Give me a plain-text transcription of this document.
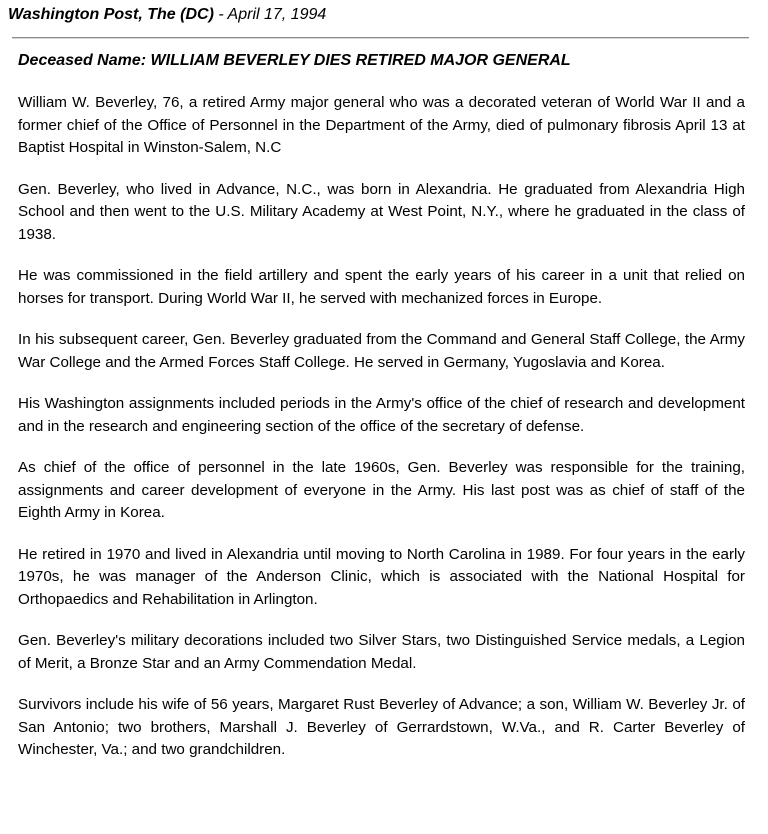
Washington Post, The (DC) - April 17, 1994
Deceased Name: WILLIAM BEVERLEY DIES RETIRED MAJOR GENERAL

William W. Beverley, 76, a retired Army major general who was a decorated veteran of World War II and a former chief of the Office of Personnel in the Department of the Army, died of pulmonary fibrosis April 13 at Baptist Hospital in Winston-Salem, N.C

Gen. Beverley, who lived in Advance, N.C., was born in Alexandria. He graduated from Alexandria High School and then went to the U.S. Military Academy at West Point, N.Y., where he graduated in the class of 1938.

He was commissioned in the field artillery and spent the early years of his career in a unit that relied on horses for transport. During World War II, he served with mechanized forces in Europe.

In his subsequent career, Gen. Beverley graduated from the Command and General Staff College, the Army War College and the Armed Forces Staff College. He served in Germany, Yugoslavia and Korea.

His Washington assignments included periods in the Army's office of the chief of research and development and in the research and engineering section of the office of the secretary of defense.

As chief of the office of personnel in the late 1960s, Gen. Beverley was responsible for the training, assignments and career development of everyone in the Army. His last post was as chief of staff of the Eighth Army in Korea.

He retired in 1970 and lived in Alexandria until moving to North Carolina in 1989. For four years in the early 1970s, he was manager of the Anderson Clinic, which is associated with the National Hospital for Orthopaedics and Rehabilitation in Arlington.

Gen. Beverley's military decorations included two Silver Stars, two Distinguished Service medals, a Legion of Merit, a Bronze Star and an Army Commendation Medal.

Survivors include his wife of 56 years, Margaret Rust Beverley of Advance; a son, William W. Beverley Jr. of San Antonio; two brothers, Marshall J. Beverley of Gerrardstown, W.Va., and R. Carter Beverley of Winchester, Va.; and two grandchildren.
